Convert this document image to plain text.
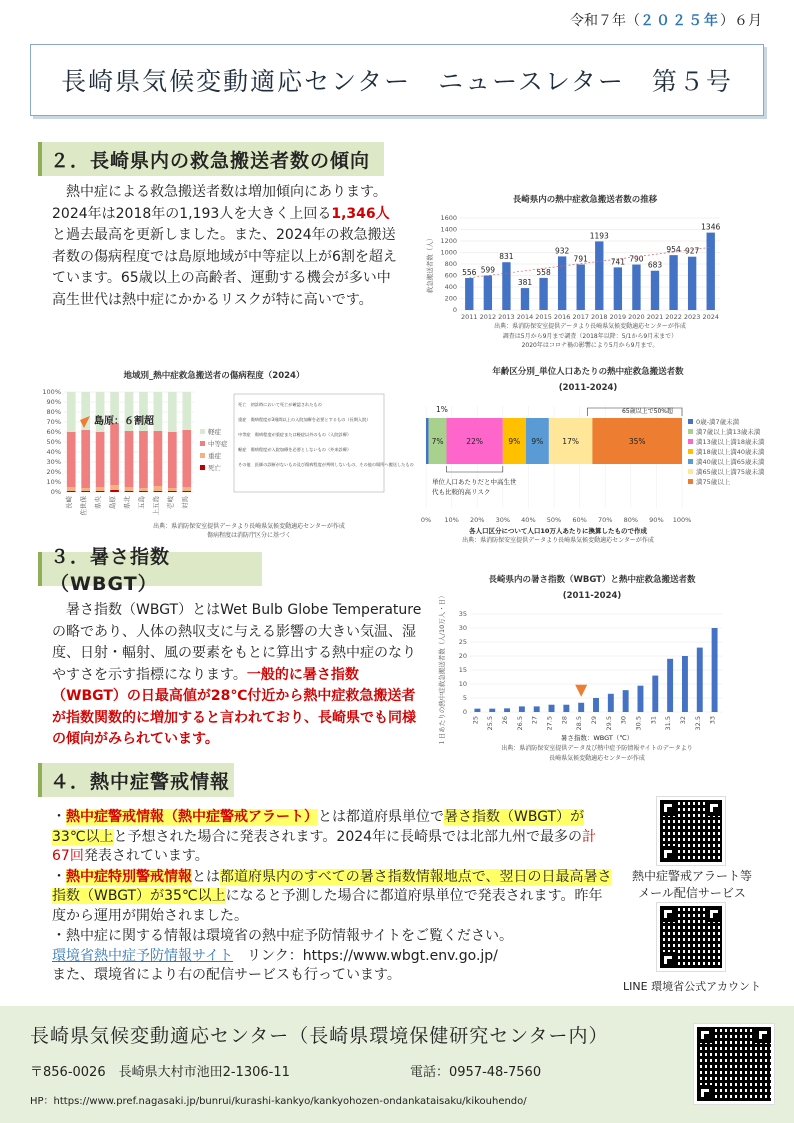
令和７年（２０２５年）６月
長崎県気候変動適応センター　ニュースレター　第５号
２．長崎県内の救急搬送者数の傾向
熱中症による救急搬送者数は増加傾向にあります。2024年は2018年の1,193人を大きく上回る1,346人と過去最高を更新しました。また、2024年の救急搬送者数の傷病程度では島原地域が中等症以上が6割を超えています。65歳以上の高齢者、運動する機会が多い中高生世代は熱中症にかかるリスクが特に高いです。
長崎県内の熱中症救急搬送者数の推移
0
200
400
600
800
1000
1200
1400
1600
救急搬送者数（人）	556
2011
599
2012
831
2013
381
2014
558
2015
932
2016
791
2017
1193
2018
741
2019
790
2020
683
2021
954
2022
927
2023
1346
2024
出典：県消防保安室提供データより長崎県気候変動適応センターが作成
調査は5月から9月まで調査（2018年以降：5/1から9月末まで）
2020年はコロナ禍の影響により5月から9月まで。
地域別_熱中症救急搬送者の傷病程度（2024）
0%
10%
20%
30%
40%
50%
60%
70%
80%
90%
100%
長崎 佐世保 県央 島原 県北 五島 上五島 壱岐 対馬
島原：６割超
軽症
中等症
重症
死亡
死亡　初診時において死亡が確認されたもの
重症　傷病程度が3週間以上の入院加療を必要とするもの（長期入院）
中等症　傷病程度が重症または軽症以外のもの（入院診療）
軽症　傷病程度が入院加療を必要としないもの（外来診療）
その他　医師の診断がないもの及び傷病程度が判明しないもの、その他の場所へ搬送したもの
出典：県消防保安室提供データより長崎県気候変動適応センターが作成
傷病程度は消防庁区分に基づく
年齢区分別_単位人口あたりの熱中症救急搬送者数
(2011-2024)
0% 10% 20% 30% 40% 50% 60% 70% 80% 90% 100%
7%	22%	9% 9%	17%	35%
1%	65歳以上で50%超
単位人口あたりだと中高生世
代も比較的高リスク
0歳-満7歳未満
満7歳以上満13歳未満
満13歳以上満18歳未満
満18歳以上満40歳未満
満40歳以上満65歳未満
満65歳以上満75歳未満
満75歳以上
各人口区分について人口10万人あたりに換算したもので作成
出典：県消防保安室提供データより長崎県気候変動適応センターが作成
３．暑さ指数（WBGT）
暑さ指数（WBGT）とはWet Bulb Globe Temperatureの略であり、人体の熱収支に与える影響の大きい気温、湿度、日射・輻射、風の要素をもとに算出する熱中症のなりやすさを示す指標になります。一般的に暑さ指数（WBGT）の日最高値が28℃付近から熱中症救急搬送者が指数関数的に増加すると言われており、長崎県でも同様の傾向がみられています。
長崎県内の暑さ指数（WBGT）と熱中症救急搬送者数
(2011-2024)
0
5
10
15
20
25
30
35
１日あたりの熱中症救急搬送者数（人/10万人・日）	25 25.5 26 26.5 27 27.5 28 28.5 29 29.5 30 30.5 31 31.5 32 32.5 33
暑さ指数：WBGT（℃）
出典：県消防保安室提供データ及び熱中症予防情報サイトのデータより
長崎県気候変動適応センターが作成
４．熱中症警戒情報
・熱中症警戒情報（熱中症警戒アラート）とは都道府県単位で暑さ指数（WBGT）が33℃以上と予想された場合に発表されます。2024年に長崎県では北部九州で最多の計67回発表されています。
・熱中症特別警戒情報とは都道府県内のすべての暑さ指数情報地点で、翌日の日最高暑さ指数（WBGT）が35℃以上になると予測した場合に都道府県単位で発表されます。昨年度から運用が開始されました。
・熱中症に関する情報は環境省の熱中症予防情報サイトをご覧ください。
環境省熱中症予防情報サイト　リンク：https://www.wbgt.env.go.jp/
また、環境省により右の配信サービスも行っています。
熱中症警戒アラート等
メール配信サービス
LINE 環境省公式アカウント
長崎県気候変動適応センター（長崎県環境保健研究センター内）
〒856-0026　長崎県大村市池田2-1306-11	電話：0957-48-7560
HP：https://www.pref.nagasaki.jp/bunrui/kurashi-kankyo/kankyohozen-ondankataisaku/kikouhendo/
